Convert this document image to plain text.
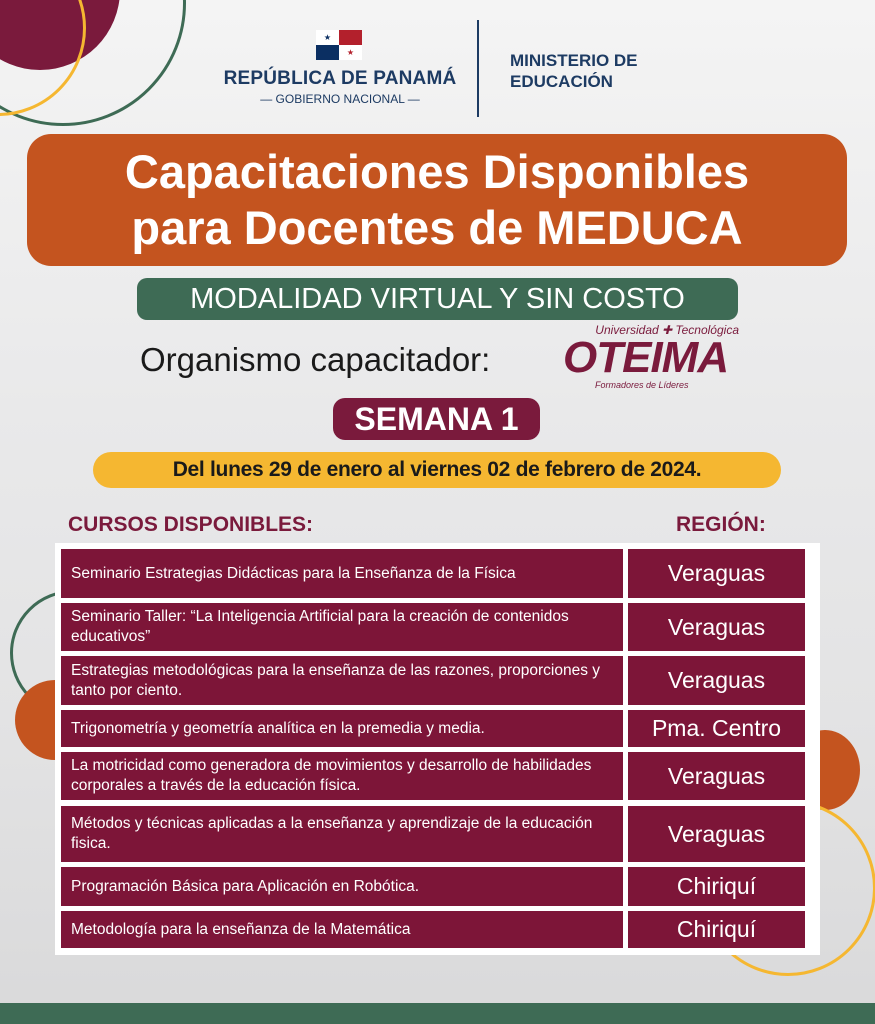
★
★
REPÚBLICA DE PANAMÁ
— GOBIERNO NACIONAL —
MINISTERIO DE
EDUCACIÓN
Capacitaciones Disponibles
para Docentes de MEDUCA
MODALIDAD VIRTUAL Y SIN COSTO
Organismo capacitador:
Universidad ✚ Tecnológica
OTEIMA
Formadores de Líderes
SEMANA 1
Del lunes 29 de enero al viernes 02 de febrero de 2024.
CURSOS DISPONIBLES:	REGIÓN:
Seminario Estrategias Didácticas para la Enseñanza de la Física	Veraguas
Seminario Taller: “La Inteligencia Artificial para la creación de contenidos educativos”	Veraguas
Estrategias metodológicas para la enseñanza de las razones, proporciones y tanto por ciento.	Veraguas
Trigonometría y geometría analítica en la premedia y media.	Pma. Centro
La motricidad como generadora de movimientos y desarrollo de habilidades corporales a través de la educación física.	Veraguas
Métodos y técnicas aplicadas a la enseñanza y aprendizaje de la educación fisica.	Veraguas
Programación Básica para Aplicación en Robótica.	Chiriquí
Metodología para la enseñanza de la Matemática	Chiriquí
